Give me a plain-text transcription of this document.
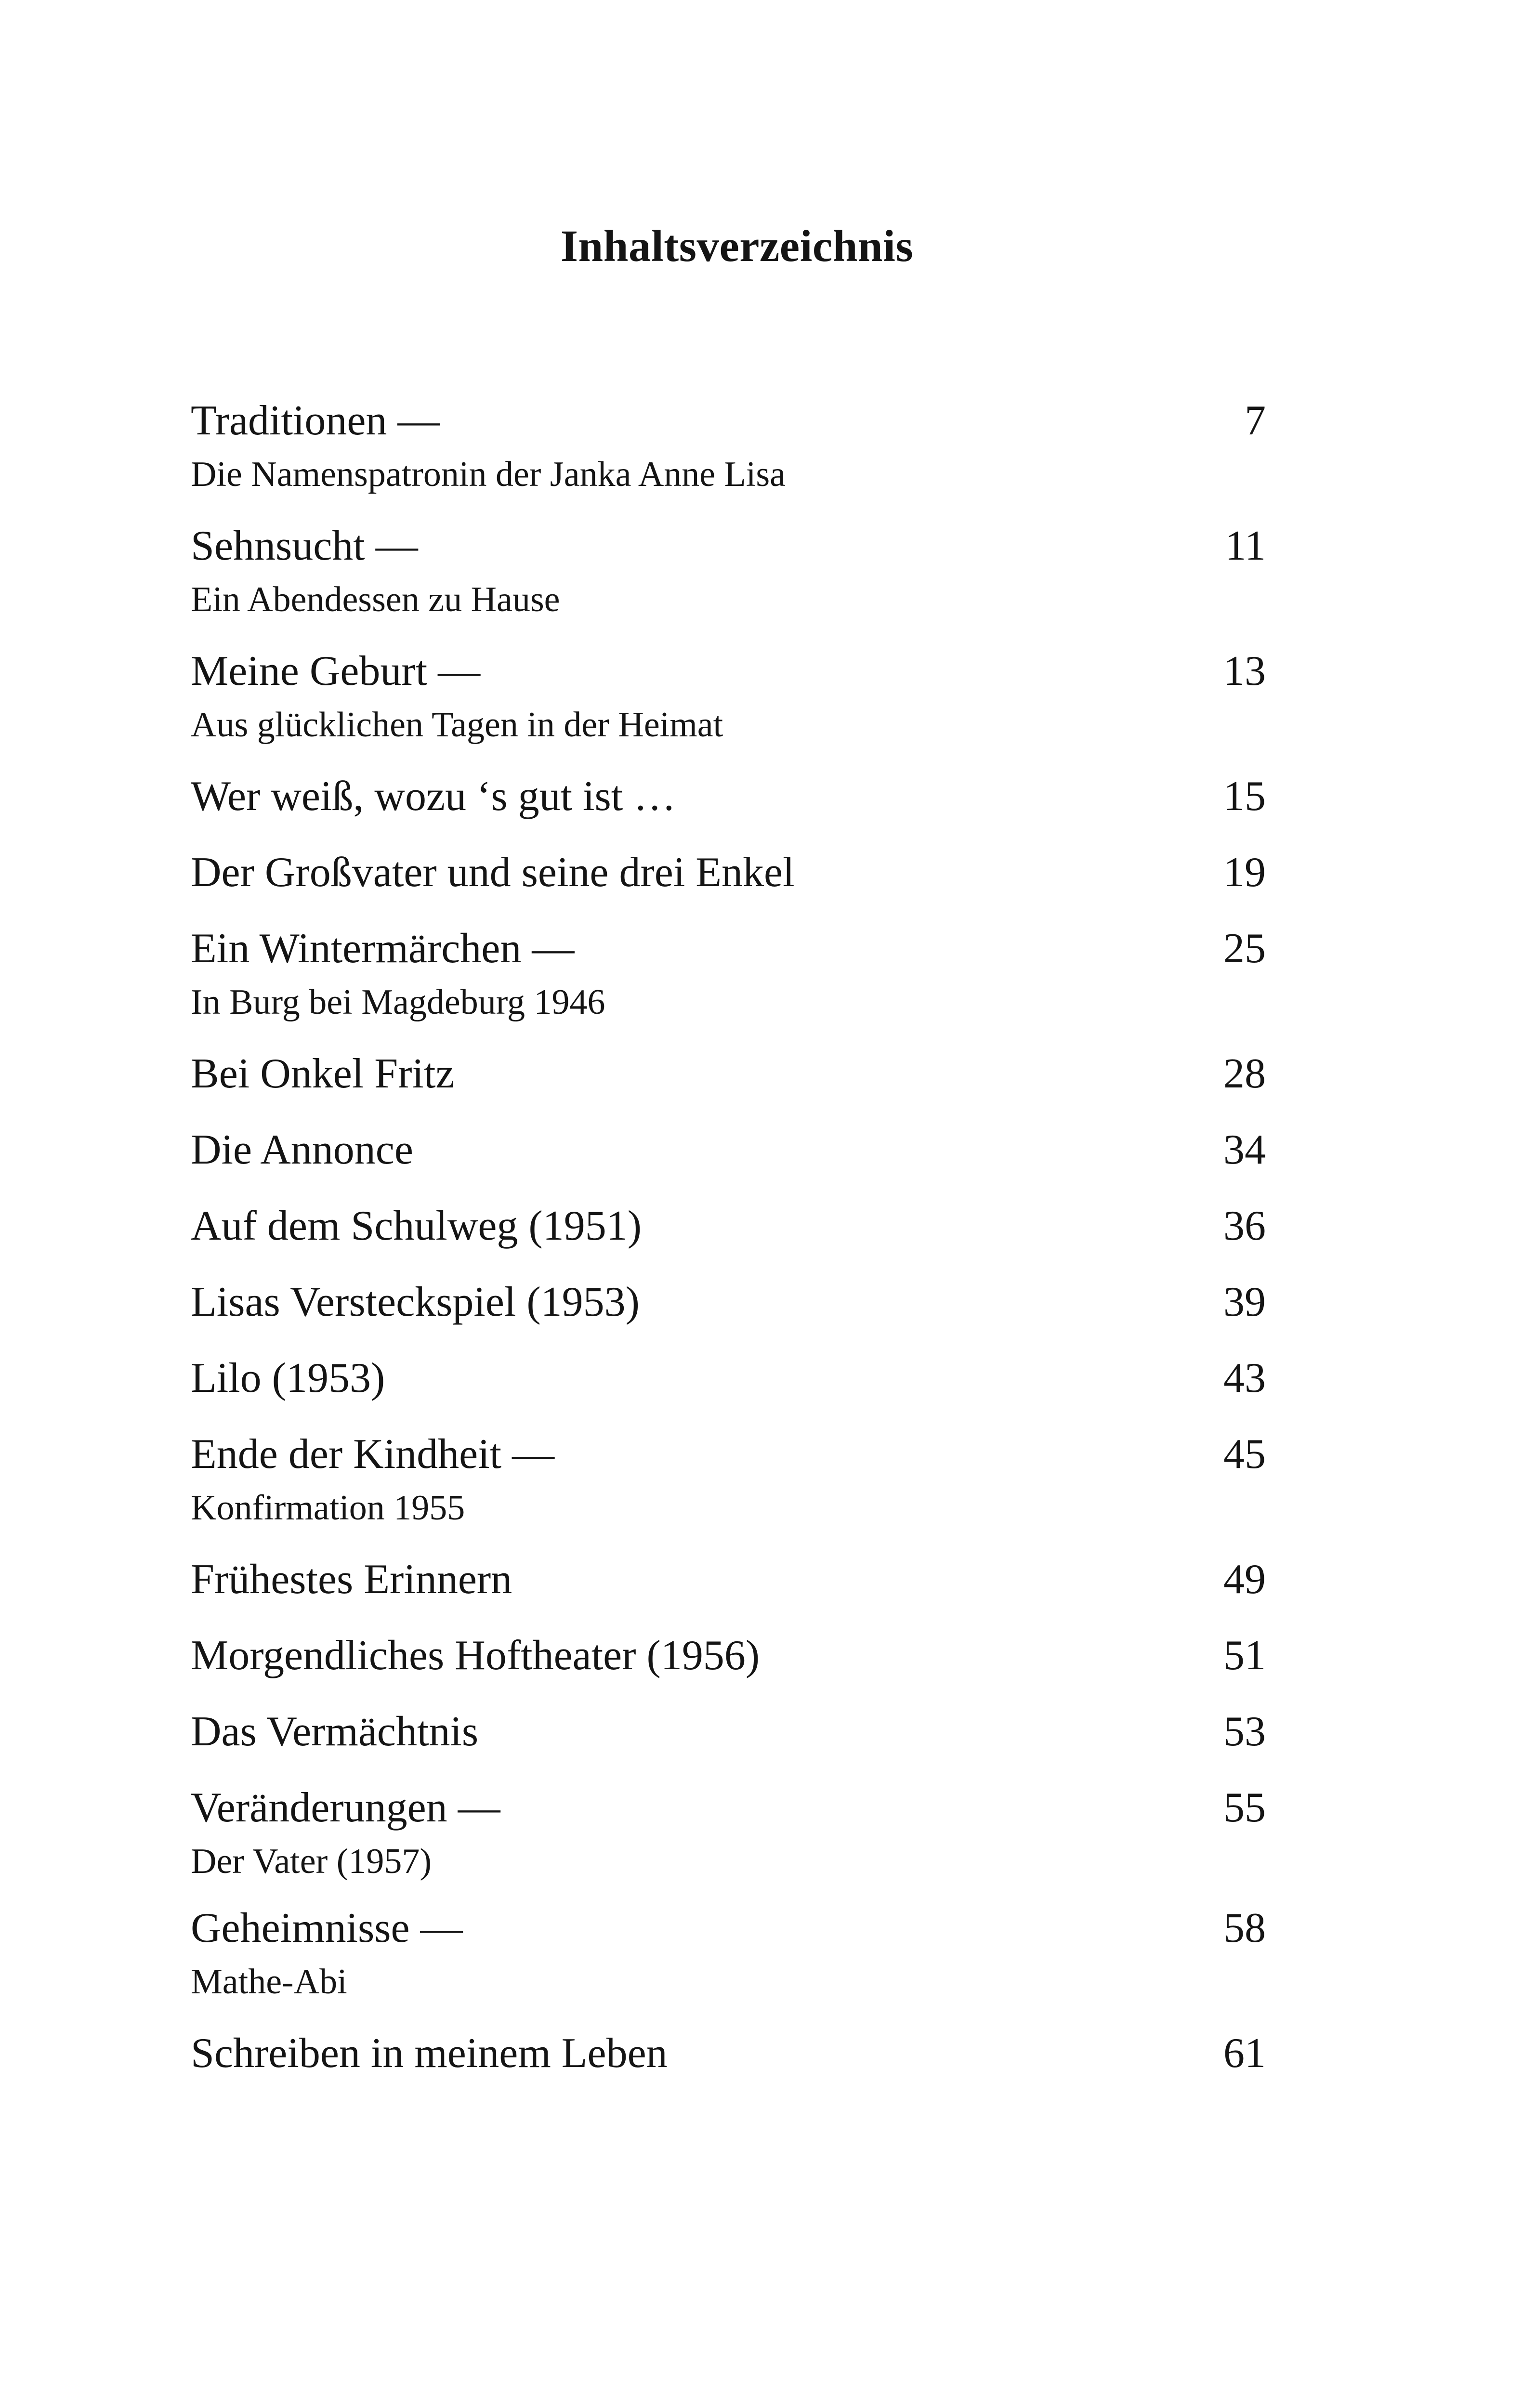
Inhaltsverzeichnis
Traditionen —	7
Die Namenspatronin der Janka Anne Lisa
Sehnsucht —	11
Ein Abendessen zu Hause
Meine Geburt —	13
Aus glücklichen Tagen in der Heimat
Wer weiß, wozu ‘s gut ist …	15
Der Großvater und seine drei Enkel	19
Ein Wintermärchen —	25
In Burg bei Magdeburg 1946
Bei Onkel Fritz	28
Die Annonce	34
Auf dem Schulweg (1951)	36
Lisas Versteckspiel (1953)	39
Lilo (1953)	43
Ende der Kindheit —	45
Konfirmation 1955
Frühestes Erinnern	49
Morgendliches Hoftheater (1956)	51
Das Vermächtnis	53
Veränderungen —	55
Der Vater (1957)
Geheimnisse —	58
Mathe-Abi
Schreiben in meinem Leben	61
